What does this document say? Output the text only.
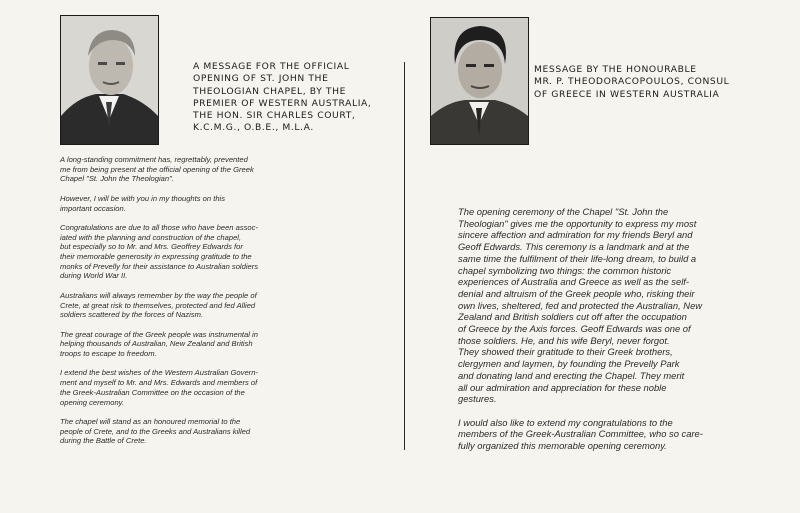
A MESSAGE FOR THE OFFICIAL
OPENING OF ST. JOHN THE
THEOLOGIAN CHAPEL, BY THE
PREMIER OF WESTERN AUSTRALIA,
THE HON. SIR CHARLES COURT,
K.C.M.G., O.B.E., M.L.A.

A long-standing commitment has, regrettably, prevented
me from being present at the official opening of the Greek
Chapel "St. John the Theologian".

However, I will be with you in my thoughts on this
important occasion.

Congratulations are due to all those who have been assoc-
iated with the planning and construction of the chapel,
but especially so to Mr. and Mrs. Geoffrey Edwards for
their memorable generosity in expressing gratitude to the
monks of Prevelly for their assistance to Australian soldiers
during World War II.

Australians will always remember by the way the people of
Crete, at great risk to themselves, protected and fed Allied
soldiers scattered by the forces of Nazism.

The great courage of the Greek people was instrumental in
helping thousands of Australian, New Zealand and British
troops to escape to freedom.

I extend the best wishes of the Western Australian Govern-
ment and myself to Mr. and Mrs. Edwards and members of
the Greek-Australian Committee on the occasion of the
opening ceremony.

The chapel will stand as an honoured memorial to the
people of Crete, and to the Greeks and Australians killed
during the Battle of Crete.

MESSAGE BY THE HONOURABLE
MR. P. THEODORACOPOULOS, CONSUL
OF GREECE IN WESTERN AUSTRALIA

The opening ceremony of the Chapel "St. John the
Theologian" gives me the opportunity to express my most
sincere affection and admiration for my friends Beryl and
Geoff Edwards. This ceremony is a landmark and at the
same time the fulfilment of their life-long dream, to build a
chapel symbolizing two things: the common historic
experiences of Australia and Greece as well as the self-
denial and altruism of the Greek people who, risking their
own lives, sheltered, fed and protected the Australian, New
Zealand and British soldiers cut off after the occupation
of Greece by the Axis forces. Geoff Edwards was one of
those soldiers. He, and his wife Beryl, never forgot.
They showed their gratitude to their Greek brothers,
clergymen and laymen, by founding the Prevelly Park
and donating land and erecting the Chapel. They merit
all our admiration and appreciation for these noble
gestures.

I would also like to extend my congratulations to the
members of the Greek-Australian Committee, who so care-
fully organized this memorable opening ceremony.
